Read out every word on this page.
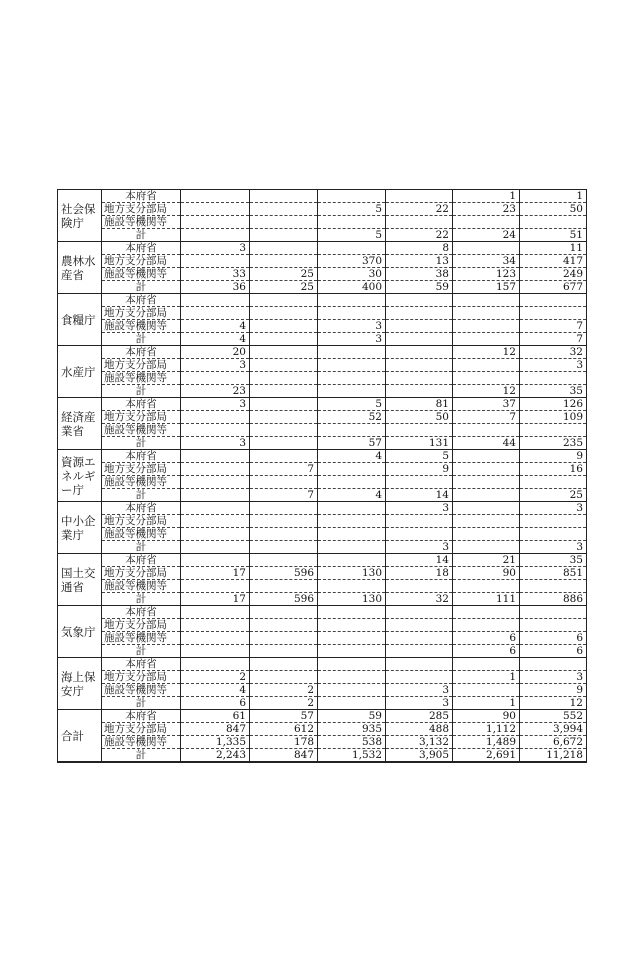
社会保険庁	本府省					1	1
	地方支分部局			5	22	23	50
	施設等機関等						
	計			5	22	24	51
農林水産省	本府省	3			8		11
	地方支分部局			370	13	34	417
	施設等機関等	33	25	30	38	123	249
	計	36	25	400	59	157	677
食糧庁	本府省						
	地方支分部局						
	施設等機関等	4		3			7
	計	4		3			7
水産庁	本府省	20				12	32
	地方支分部局	3					3
	施設等機関等						
	計	23				12	35
経済産業省	本府省	3		5	81	37	126
	地方支分部局			52	50	7	109
	施設等機関等						
	計	3		57	131	44	235
資源エネルギー庁	本府省			4	5		9
	地方支分部局		7		9		16
	施設等機関等						
	計		7	4	14		25
中小企業庁	本府省				3		3
	地方支分部局						
	施設等機関等						
	計				3		3
国土交通省	本府省				14	21	35
	地方支分部局	17	596	130	18	90	851
	施設等機関等						
	計	17	596	130	32	111	886
気象庁	本府省						
	地方支分部局						
	施設等機関等					6	6
	計					6	6
海上保安庁	本府省						
	地方支分部局	2				1	3
	施設等機関等	4	2		3		9
	計	6	2		3	1	12
合計	本府省	61	57	59	285	90	552
	地方支分部局	847	612	935	488	1,112	3,994
	施設等機関等	1,335	178	538	3,132	1,489	6,672
	計	2,243	847	1,532	3,905	2,691	11,218
